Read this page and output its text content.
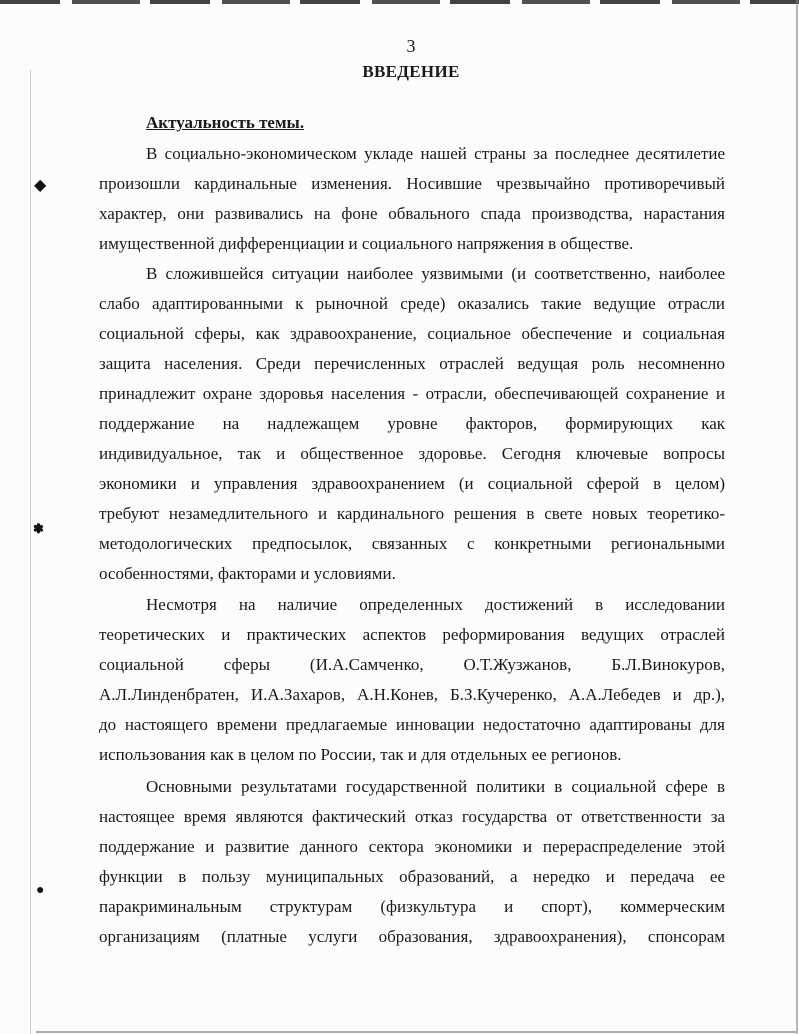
◆
✽
●
3
ВВЕДЕНИЕ
Актуальность темы.
В социально-экономическом укладе нашей страны за последнее десятилетие
произошли кардинальные изменения. Носившие чрезвычайно противоречивый
характер, они развивались на фоне обвального спада производства, нарастания
имущественной дифференциации и социального напряжения в обществе.
В сложившейся ситуации наиболее уязвимыми (и соответственно, наиболее
слабо адаптированными к рыночной среде) оказались такие ведущие отрасли
социальной сферы, как здравоохранение, социальное обеспечение и социальная
защита населения. Среди перечисленных отраслей ведущая роль несомненно
принадлежит охране здоровья населения - отрасли, обеспечивающей сохранение и
поддержание на надлежащем уровне факторов, формирующих как
индивидуальное, так и общественное здоровье. Сегодня ключевые вопросы
экономики и управления здравоохранением (и социальной сферой в целом)
требуют незамедлительного и кардинального решения в свете новых теоретико-
методологических предпосылок, связанных с конкретными региональными
особенностями, факторами и условиями.
Несмотря на наличие определенных достижений в исследовании
теоретических и практических аспектов реформирования ведущих отраслей
социальной сферы (И.А.Самченко, О.Т.Жузжанов, Б.Л.Винокуров,
А.Л.Линденбратен, И.А.Захаров, А.Н.Конев, Б.З.Кучеренко, А.А.Лебедев и др.),
до настоящего времени предлагаемые инновации недостаточно адаптированы для
использования как в целом по России, так и для отдельных ее регионов.
Основными результатами государственной политики в социальной сфере в
настоящее время являются фактический отказ государства от ответственности за
поддержание и развитие данного сектора экономики и перераспределение этой
функции в пользу муниципальных образований, а нередко и передача ее
паракриминальным структурам (физкультура и спорт), коммерческим
организациям (платные услуги образования, здравоохранения), спонсорам
